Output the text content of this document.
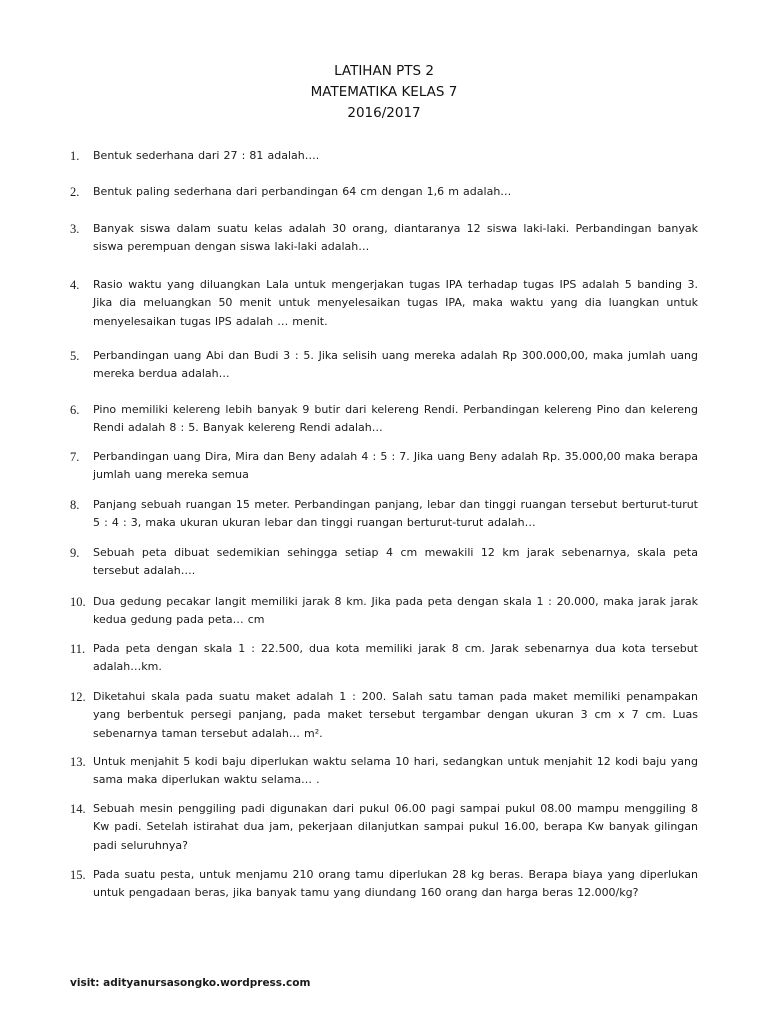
LATIHAN PTS 2
MATEMATIKA KELAS 7
2016/2017
1.	Bentuk sederhana dari 27 : 81 adalah….
2.	Bentuk paling sederhana dari perbandingan 64 cm dengan 1,6 m adalah…
3.	Banyak siswa dalam suatu kelas adalah 30 orang, diantaranya 12 siswa laki-laki. Perbandingan banyak siswa perempuan dengan siswa laki-laki adalah…
4.	Rasio waktu yang diluangkan Lala untuk mengerjakan tugas IPA terhadap tugas IPS adalah 5 banding 3. Jika dia meluangkan 50 menit untuk menyelesaikan tugas IPA, maka waktu yang dia luangkan untuk menyelesaikan tugas IPS adalah … menit.
5.	Perbandingan uang Abi dan Budi 3 : 5. Jika selisih uang mereka adalah Rp 300.000,00, maka jumlah uang mereka berdua adalah…
6.	Pino memiliki kelereng lebih banyak 9 butir dari kelereng Rendi. Perbandingan kelereng Pino dan kelereng Rendi adalah 8 : 5. Banyak kelereng Rendi adalah…
7.	Perbandingan uang Dira, Mira dan Beny adalah 4 : 5 : 7. Jika uang Beny adalah Rp. 35.000,00 maka berapa jumlah uang mereka semua
8.	Panjang sebuah ruangan 15 meter. Perbandingan panjang, lebar dan tinggi ruangan tersebut berturut-turut 5 : 4 : 3, maka ukuran ukuran lebar dan tinggi ruangan berturut-turut adalah…
9.	Sebuah peta dibuat sedemikian sehingga setiap 4 cm mewakili 12 km jarak sebenarnya, skala peta tersebut adalah….
10. Dua gedung pecakar langit memiliki jarak 8 km. Jika pada peta dengan skala 1 : 20.000, maka jarak jarak kedua gedung pada peta… cm
11. Pada peta dengan skala 1 : 22.500, dua kota memiliki jarak 8 cm. Jarak sebenarnya dua kota tersebut adalah…km.
12. Diketahui skala pada suatu maket adalah 1 : 200. Salah satu taman pada maket memiliki penampakan yang berbentuk persegi panjang, pada maket tersebut tergambar dengan ukuran 3 cm x 7 cm. Luas sebenarnya taman tersebut adalah… m².
13. Untuk menjahit 5 kodi baju diperlukan waktu selama 10 hari, sedangkan untuk menjahit 12 kodi baju yang sama maka diperlukan waktu selama… .
14. Sebuah mesin penggiling padi digunakan dari pukul 06.00 pagi sampai pukul 08.00 mampu menggiling 8 Kw padi. Setelah istirahat dua jam, pekerjaan dilanjutkan sampai pukul 16.00, berapa Kw banyak gilingan padi seluruhnya?
15. Pada suatu pesta, untuk menjamu 210 orang tamu diperlukan 28 kg beras. Berapa biaya yang diperlukan untuk pengadaan beras, jika banyak tamu yang diundang 160 orang dan harga beras 12.000/kg?
visit: adityanursasongko.wordpress.com
